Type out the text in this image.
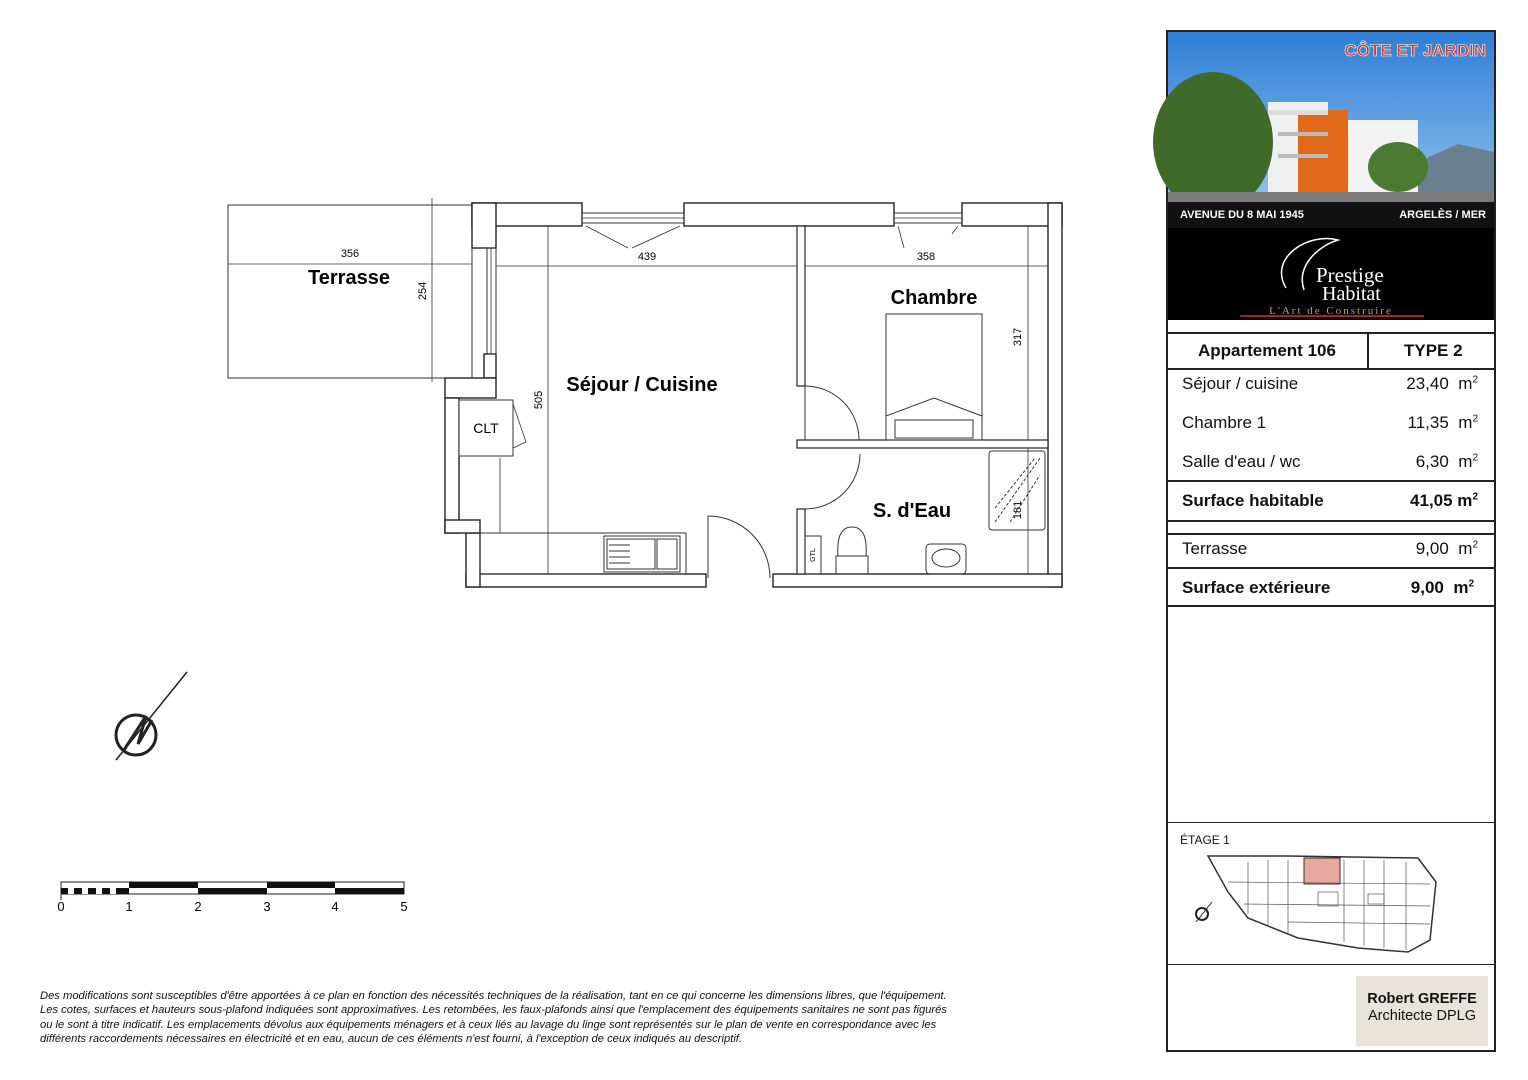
356
254
Terrasse
439	358
505
317
181
Séjour / Cuisine
Chambre
S. d'Eau
CLT
GTL
0	1	2	3	4	5
Des modifications sont susceptibles d'être apportées à ce plan en fonction des nécessités techniques de la réalisation, tant en ce qui concerne les dimensions libres, que l'équipement.
Les cotes, surfaces et hauteurs sous-plafond indiquées sont approximatives. Les retombées, les faux-plafonds ainsi que l'emplacement des équipements sanitaires ne sont pas figurés
ou le sont à titre indicatif. Les emplacements dévolus aux équipements ménagers et à ceux liés au lavage du linge sont représentés sur le plan de vente en correspondance avec les
différents raccordements nécessaires en électricité et en eau, aucun de ces éléments n'est fourni, à l'exception de ceux indiqués au descriptif.
CÔTE ET JARDIN
AVENUE DU 8 MAI 1945	ARGELÈS / MER
Prestige
Habitat
L'Art de Construire
Appartement 106	TYPE 2
Séjour / cuisine	23,40 $m^2$
Chambre 1	11,35 $m^2$
Salle d'eau / wc	6,30 $m^2$
Surface habitable	41,05 $m^2$
Terrasse	9,00 $m^2$
Surface extérieure	9,00 $m^2$
ÉTAGE 1
Robert GREFFE
Architecte DPLG
